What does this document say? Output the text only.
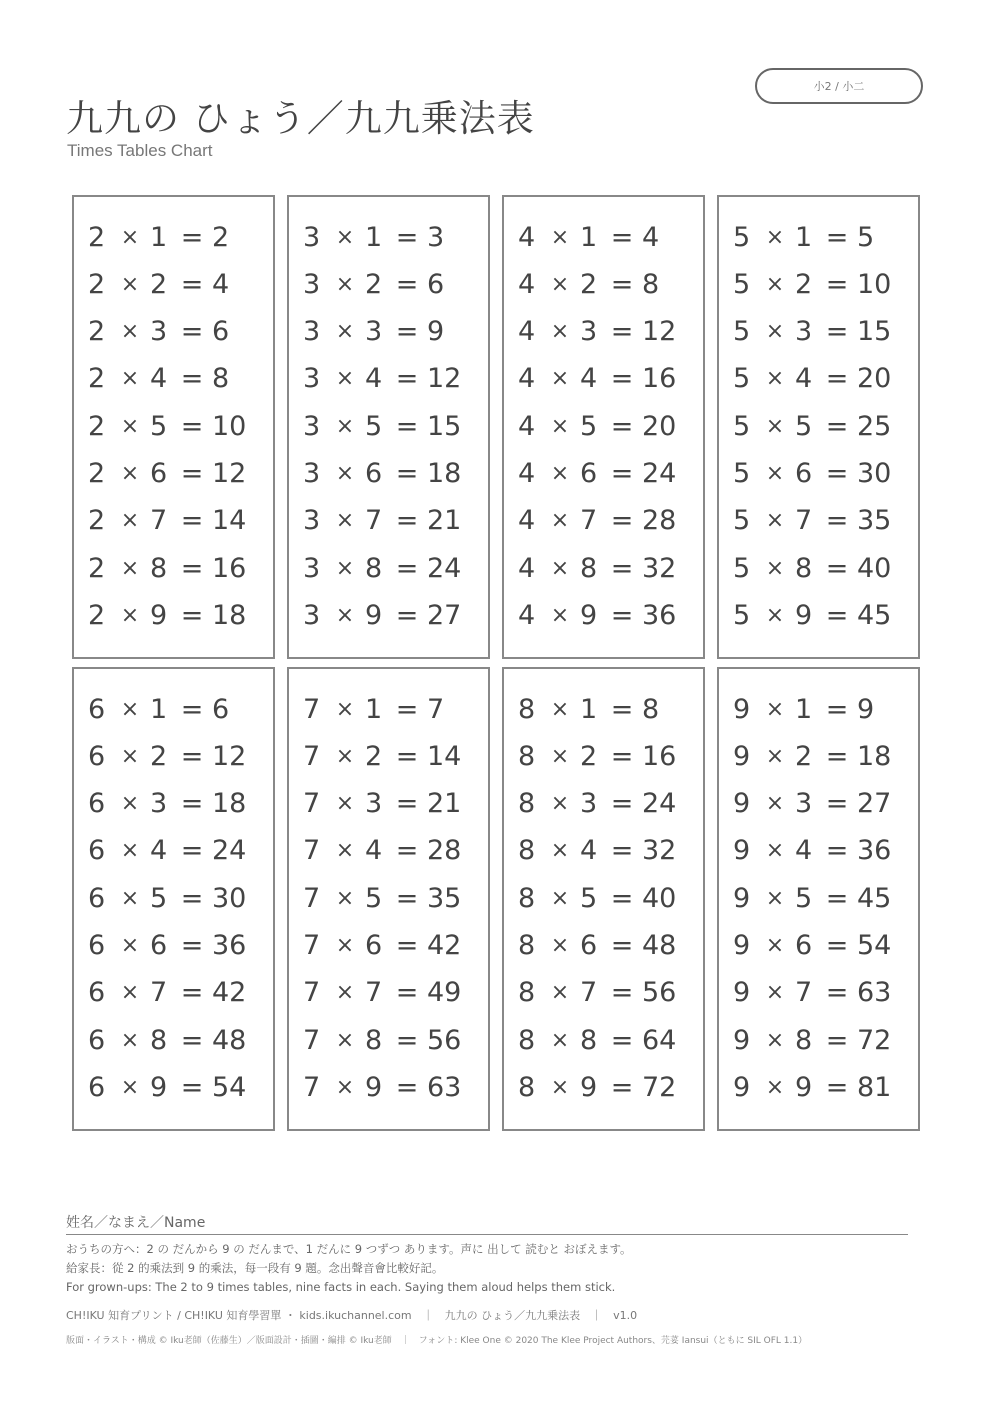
小2 / 小二
九九の ひょう／九九乗法表
Times Tables Chart
2 × 1 = 2
2 × 2 = 4
2 × 3 = 6
2 × 4 = 8
2 × 5 = 10
2 × 6 = 12
2 × 7 = 14
2 × 8 = 16
2 × 9 = 18
3 × 1 = 3
3 × 2 = 6
3 × 3 = 9
3 × 4 = 12
3 × 5 = 15
3 × 6 = 18
3 × 7 = 21
3 × 8 = 24
3 × 9 = 27
4 × 1 = 4
4 × 2 = 8
4 × 3 = 12
4 × 4 = 16
4 × 5 = 20
4 × 6 = 24
4 × 7 = 28
4 × 8 = 32
4 × 9 = 36
5 × 1 = 5
5 × 2 = 10
5 × 3 = 15
5 × 4 = 20
5 × 5 = 25
5 × 6 = 30
5 × 7 = 35
5 × 8 = 40
5 × 9 = 45
6 × 1 = 6
6 × 2 = 12
6 × 3 = 18
6 × 4 = 24
6 × 5 = 30
6 × 6 = 36
6 × 7 = 42
6 × 8 = 48
6 × 9 = 54
7 × 1 = 7
7 × 2 = 14
7 × 3 = 21
7 × 4 = 28
7 × 5 = 35
7 × 6 = 42
7 × 7 = 49
7 × 8 = 56
7 × 9 = 63
8 × 1 = 8
8 × 2 = 16
8 × 3 = 24
8 × 4 = 32
8 × 5 = 40
8 × 6 = 48
8 × 7 = 56
8 × 8 = 64
8 × 9 = 72
9 × 1 = 9
9 × 2 = 18
9 × 3 = 27
9 × 4 = 36
9 × 5 = 45
9 × 6 = 54
9 × 7 = 63
9 × 8 = 72
9 × 9 = 81
姓名／なまえ／Name
おうちの方へ：2 の だんから 9 の だんまで、1 だんに 9 つずつ あります。声に 出して 読むと おぼえます。
給家長：從 2 的乘法到 9 的乘法，每一段有 9 題。念出聲音會比較好記。
For grown-ups: The 2 to 9 times tables, nine facts in each. Saying them aloud helps them stick.
CH!IKU 知育プリント / CH!IKU 知育學習單 ・ kids.ikuchannel.com　｜　九九の ひょう／九九乗法表　｜　v1.0
版面・イラスト・構成 © Iku老師（佐藤生）／版面設計・插圖・編排 © Iku老師　｜　フォント: Klee One © 2020 The Klee Project Authors、芫荽 Iansui（ともに SIL OFL 1.1）
